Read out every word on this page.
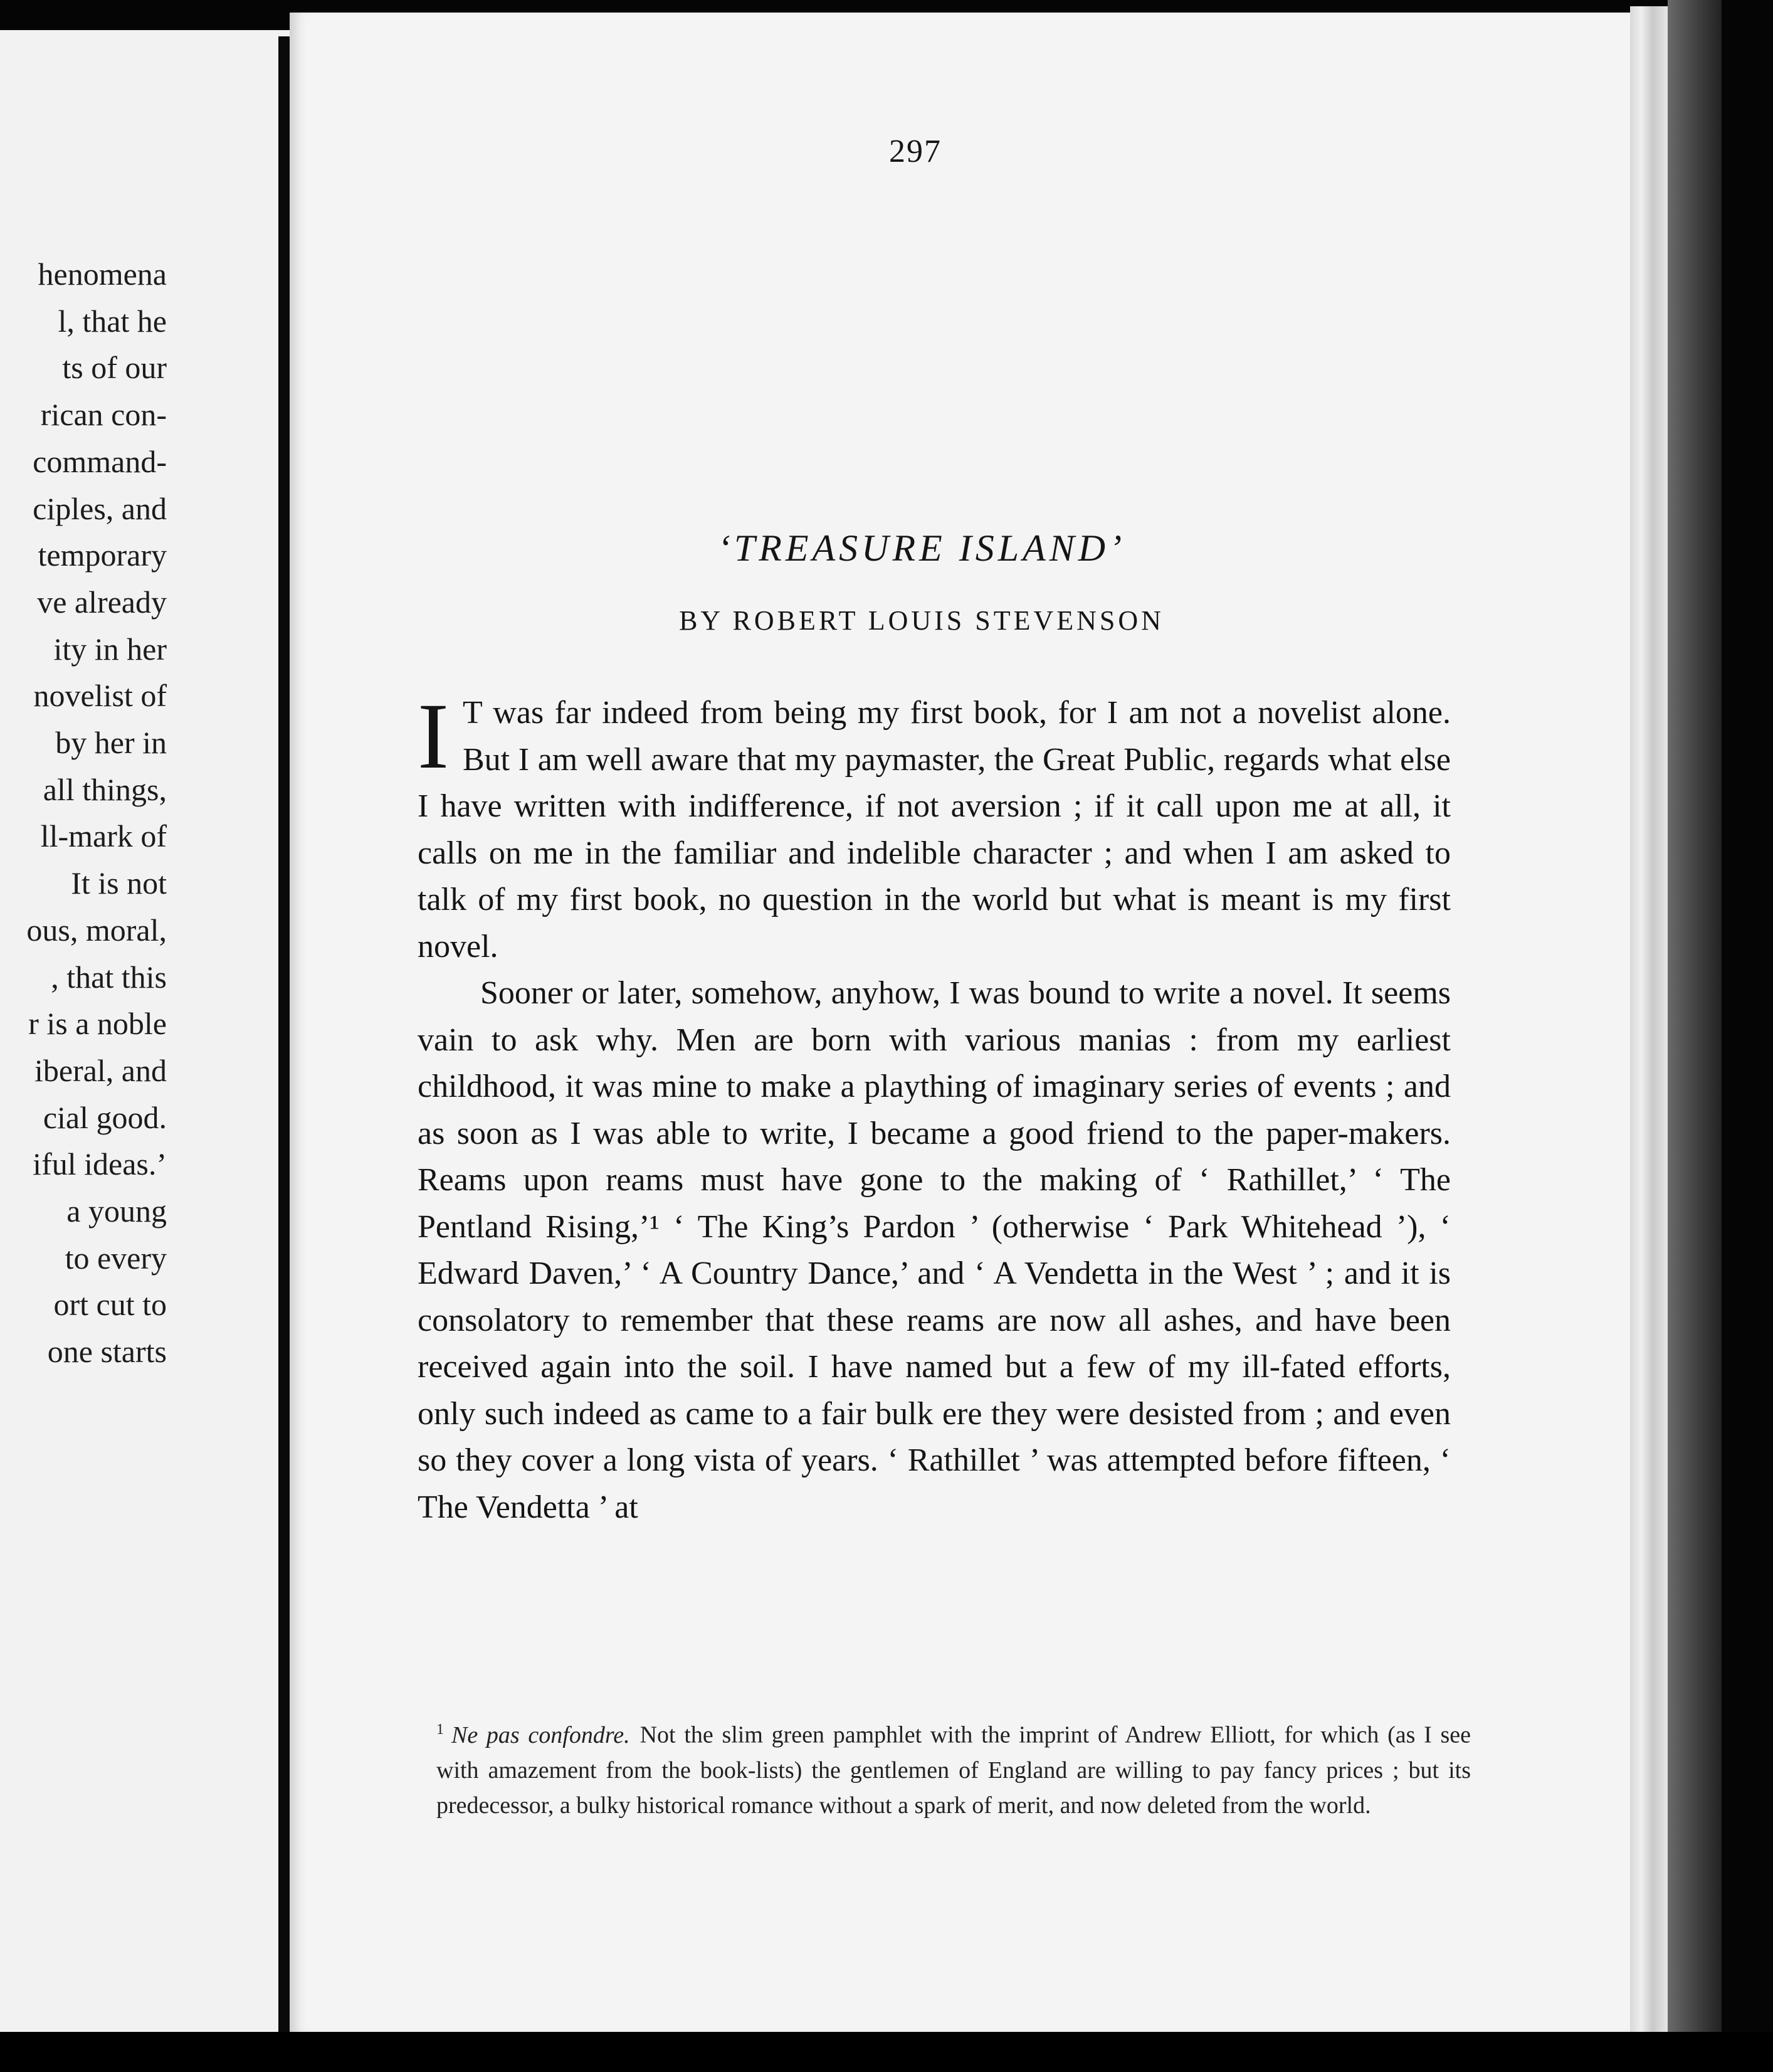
henomena
l, that he
ts of our
rican con-
command-
ciples, and
temporary
ve already
ity in her
novelist of
by her in
all things,
ll-mark of
It is not
ous, moral,
, that this
r is a noble
iberal, and
cial good.
iful ideas.’
a young
to every
ort cut to
one starts
297
‘TREASURE ISLAND’
BY ROBERT LOUIS STEVENSON

I T was far indeed from being my first book, for I am not a novelist alone. But I am well aware that my paymaster, the Great Public, regards what else I have written with indifference, if not aversion ; if it call upon me at all, it calls on me in the familiar and indelible character ; and when I am asked to talk of my first book, no question in the world but what is meant is my first novel.

Sooner or later, somehow, anyhow, I was bound to write a novel. It seems vain to ask why. Men are born with various manias : from my earliest childhood, it was mine to make a plaything of imaginary series of events ; and as soon as I was able to write, I became a good friend to the paper-makers. Reams upon reams must have gone to the making of ‘ Rathillet,’ ‘ The Pentland Rising,’¹ ‘ The King’s Pardon ’ (otherwise ‘ Park Whitehead ’), ‘ Edward Daven,’ ‘ A Country Dance,’ and ‘ A Vendetta in the West ’ ; and it is consolatory to remember that these reams are now all ashes, and have been received again into the soil. I have named but a few of my ill-fated efforts, only such indeed as came to a fair bulk ere they were desisted from ; and even so they cover a long vista of years. ‘ Rathillet ’ was attempted before fifteen, ‘ The Vendetta ’ at

$^1$ Ne pas confondre. Not the slim green pamphlet with the imprint of Andrew Elliott, for which (as I see with amazement from the book-lists) the gentlemen of England are willing to pay fancy prices ; but its predecessor, a bulky historical romance without a spark of merit, and now deleted from the world.
